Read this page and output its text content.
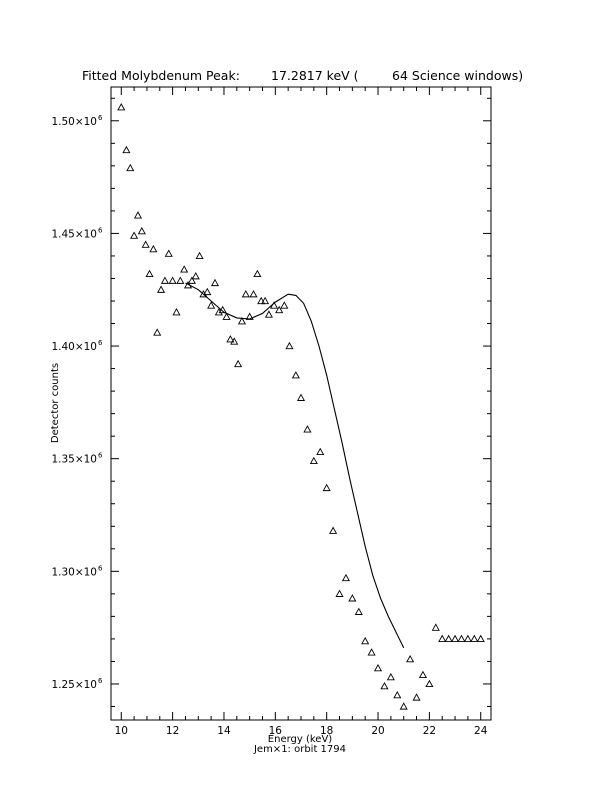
Fitted Molybdenum Peak: 17.2817 keV (	64 Science windows)
10	12	14	16	18	20	22	24
1.25×10 6
1.30×10 6
1.35×10 6
1.40×10 6
1.45×10 6
1.50×10 6
Energy (keV)
Jem×1: orbit 1794
Detector counts
